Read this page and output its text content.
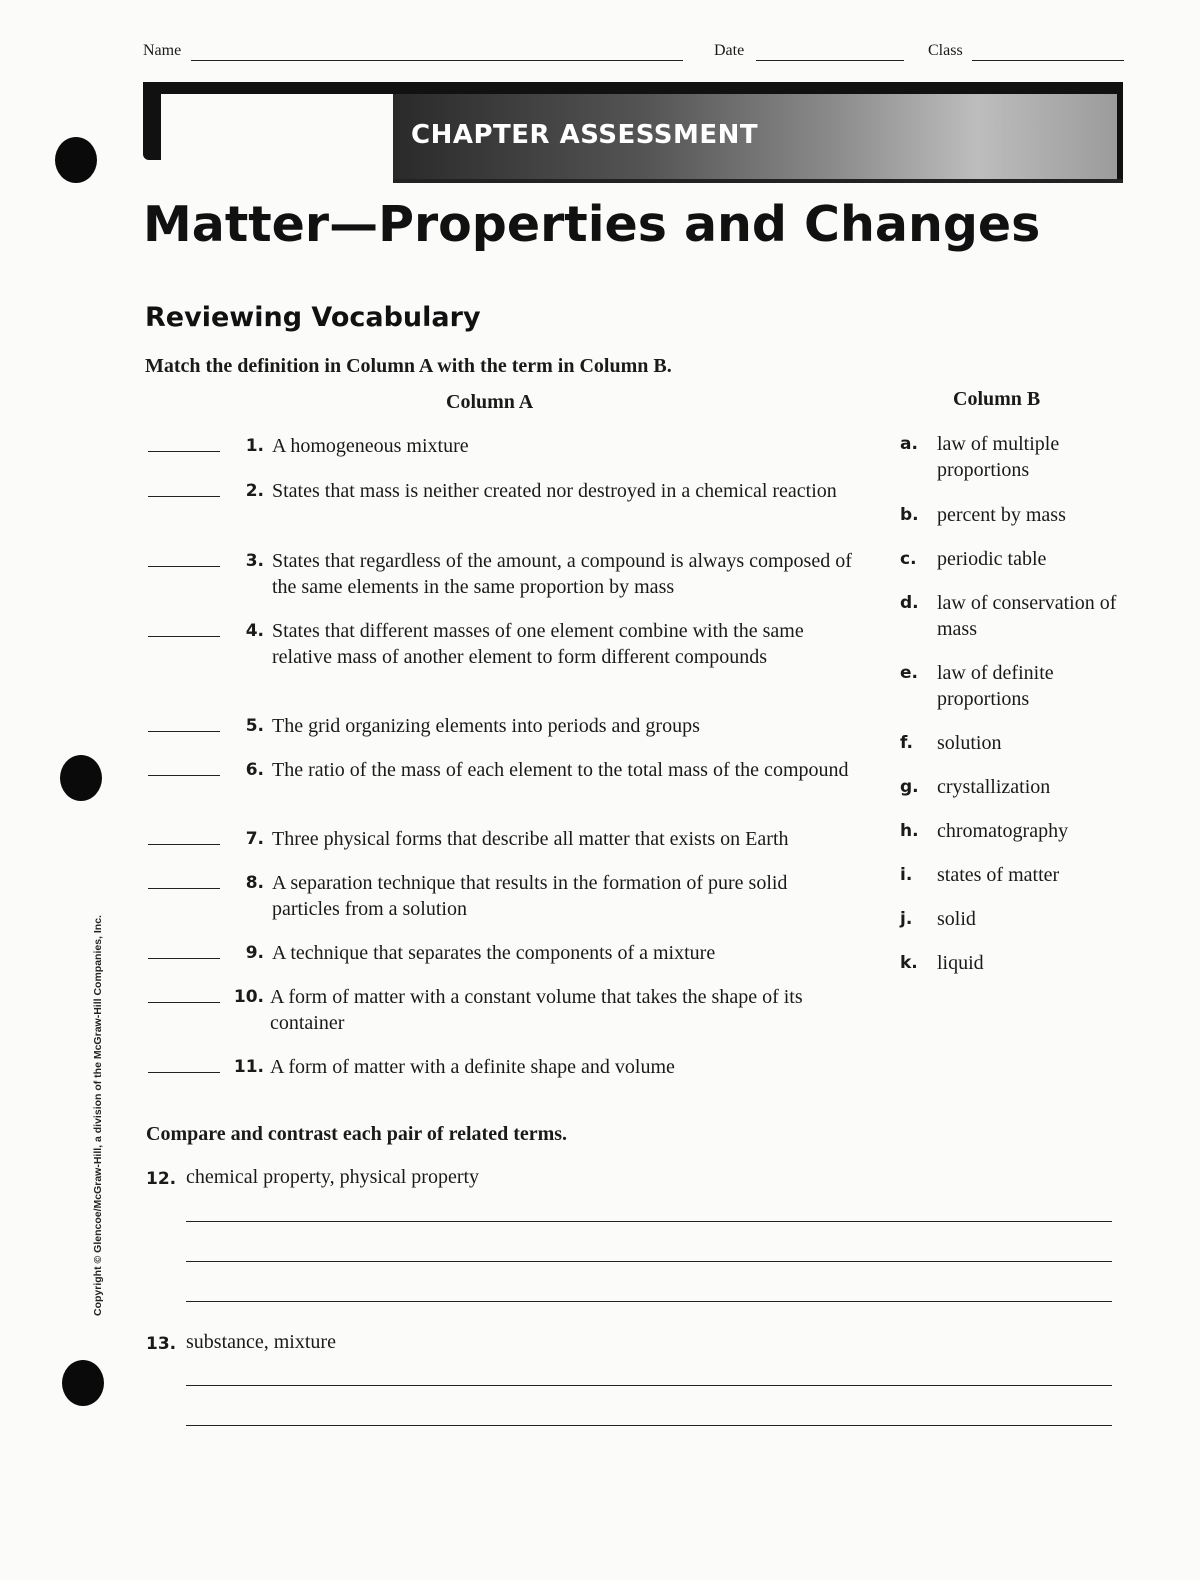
Name	Date	Class
CHAPTER ASSESSMENT
Matter—Properties and Changes
Reviewing Vocabulary
Match the definition in Column A with the term in Column B.
Column A	Column B
1. A homogeneous mixture
2. States that mass is neither created nor destroyed in a chemical reaction
3. States that regardless of the amount, a compound is always composed of the same elements in the same proportion by mass
4. States that different masses of one element combine with the same relative mass of another element to form different compounds
5. The grid organizing elements into periods and groups
6. The ratio of the mass of each element to the total mass of the compound
7. Three physical forms that describe all matter that exists on Earth
8. A separation technique that results in the formation of pure solid particles from a solution
9. A technique that separates the components of a mixture
10. A form of matter with a constant volume that takes the shape of its container
11. A form of matter with a definite shape and volume
a. law of multiple proportions
b. percent by mass
c. periodic table
d. law of conservation of mass
e. law of definite proportions
f. solution
g. crystallization
h. chromatography
i. states of matter
j. solid
k. liquid
Compare and contrast each pair of related terms.
12. chemical property, physical property
13. substance, mixture
Copyright © Glencoe/McGraw-Hill, a division of the McGraw-Hill Companies, Inc.
